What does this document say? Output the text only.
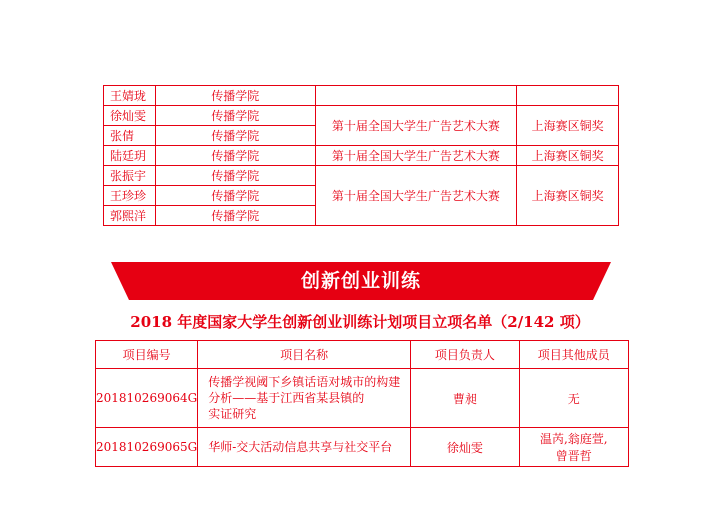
王婧珑	传播学院		
徐灿雯	传播学院	第十届全国大学生广告艺术大赛	上海赛区铜奖
张倩	传播学院		
陆廷玥	传播学院	第十届全国大学生广告艺术大赛	上海赛区铜奖
张振宇	传播学院	第十届全国大学生广告艺术大赛	上海赛区铜奖
王珍珍	传播学院		
郭熙洋	传播学院		
创新创业训练
2018 年度国家大学生创新创业训练计划项目立项名单（2/142 项）
项目编号	项目名称	项目负责人	项目其他成员
201810269064G	传播学视阈下乡镇话语对城市的构建
分析——基于江西省某县镇的
实证研究	曹昶	无

201810269065G	华师-交大活动信息共享与社交平台	徐灿雯	温芮,翁庭萱,
曾晋哲
